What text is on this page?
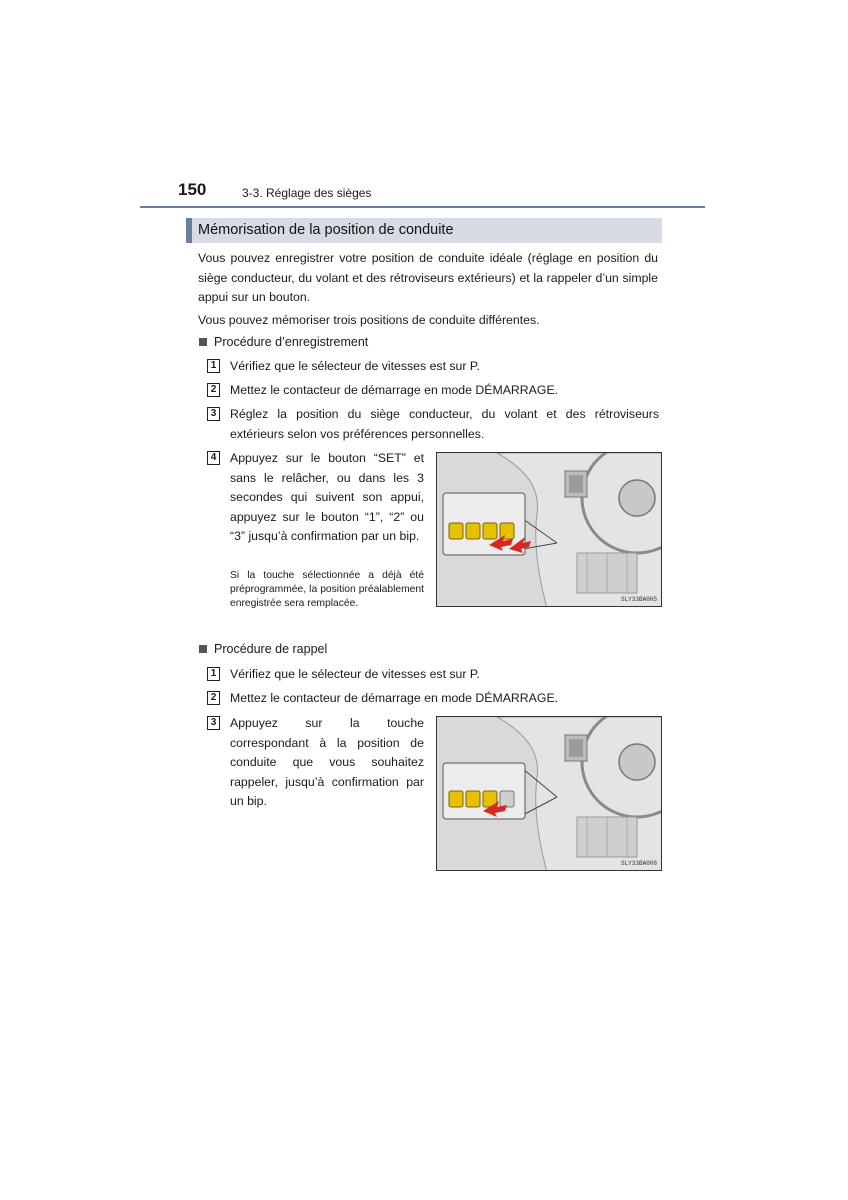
150	3-3. Réglage des sièges
Mémorisation de la position de conduite
Vous pouvez enregistrer votre position de conduite idéale (réglage en position du siège conducteur, du volant et des rétroviseurs extérieurs) et la rappeler d’un simple appui sur un bouton.
Vous pouvez mémoriser trois positions de conduite différentes.
Procédure d’enregistrement
1	Vérifiez que le sélecteur de vitesses est sur P.
2	Mettez le contacteur de démarrage en mode DÉMARRAGE.
3	Réglez la position du siège conducteur, du volant et des rétroviseurs extérieurs selon vos préférences personnelles.
4	Appuyez sur le bouton “SET” et sans le relâcher, ou dans les 3 secondes qui suivent son appui, appuyez sur le bouton “1”, “2” ou “3” jusqu’à confirmation par un bip.
Si la touche sélectionnée a déjà été préprogrammée, la position préalablement enregistrée sera remplacée.	SLY33BA005
Procédure de rappel
1	Vérifiez que le sélecteur de vitesses est sur P.
2	Mettez le contacteur de démarrage en mode DÉMARRAGE.
3	Appuyez sur la touche correspondant à la position de conduite que vous souhaitez rappeler, jusqu’à confirmation par un bip.
SLY33BA006
